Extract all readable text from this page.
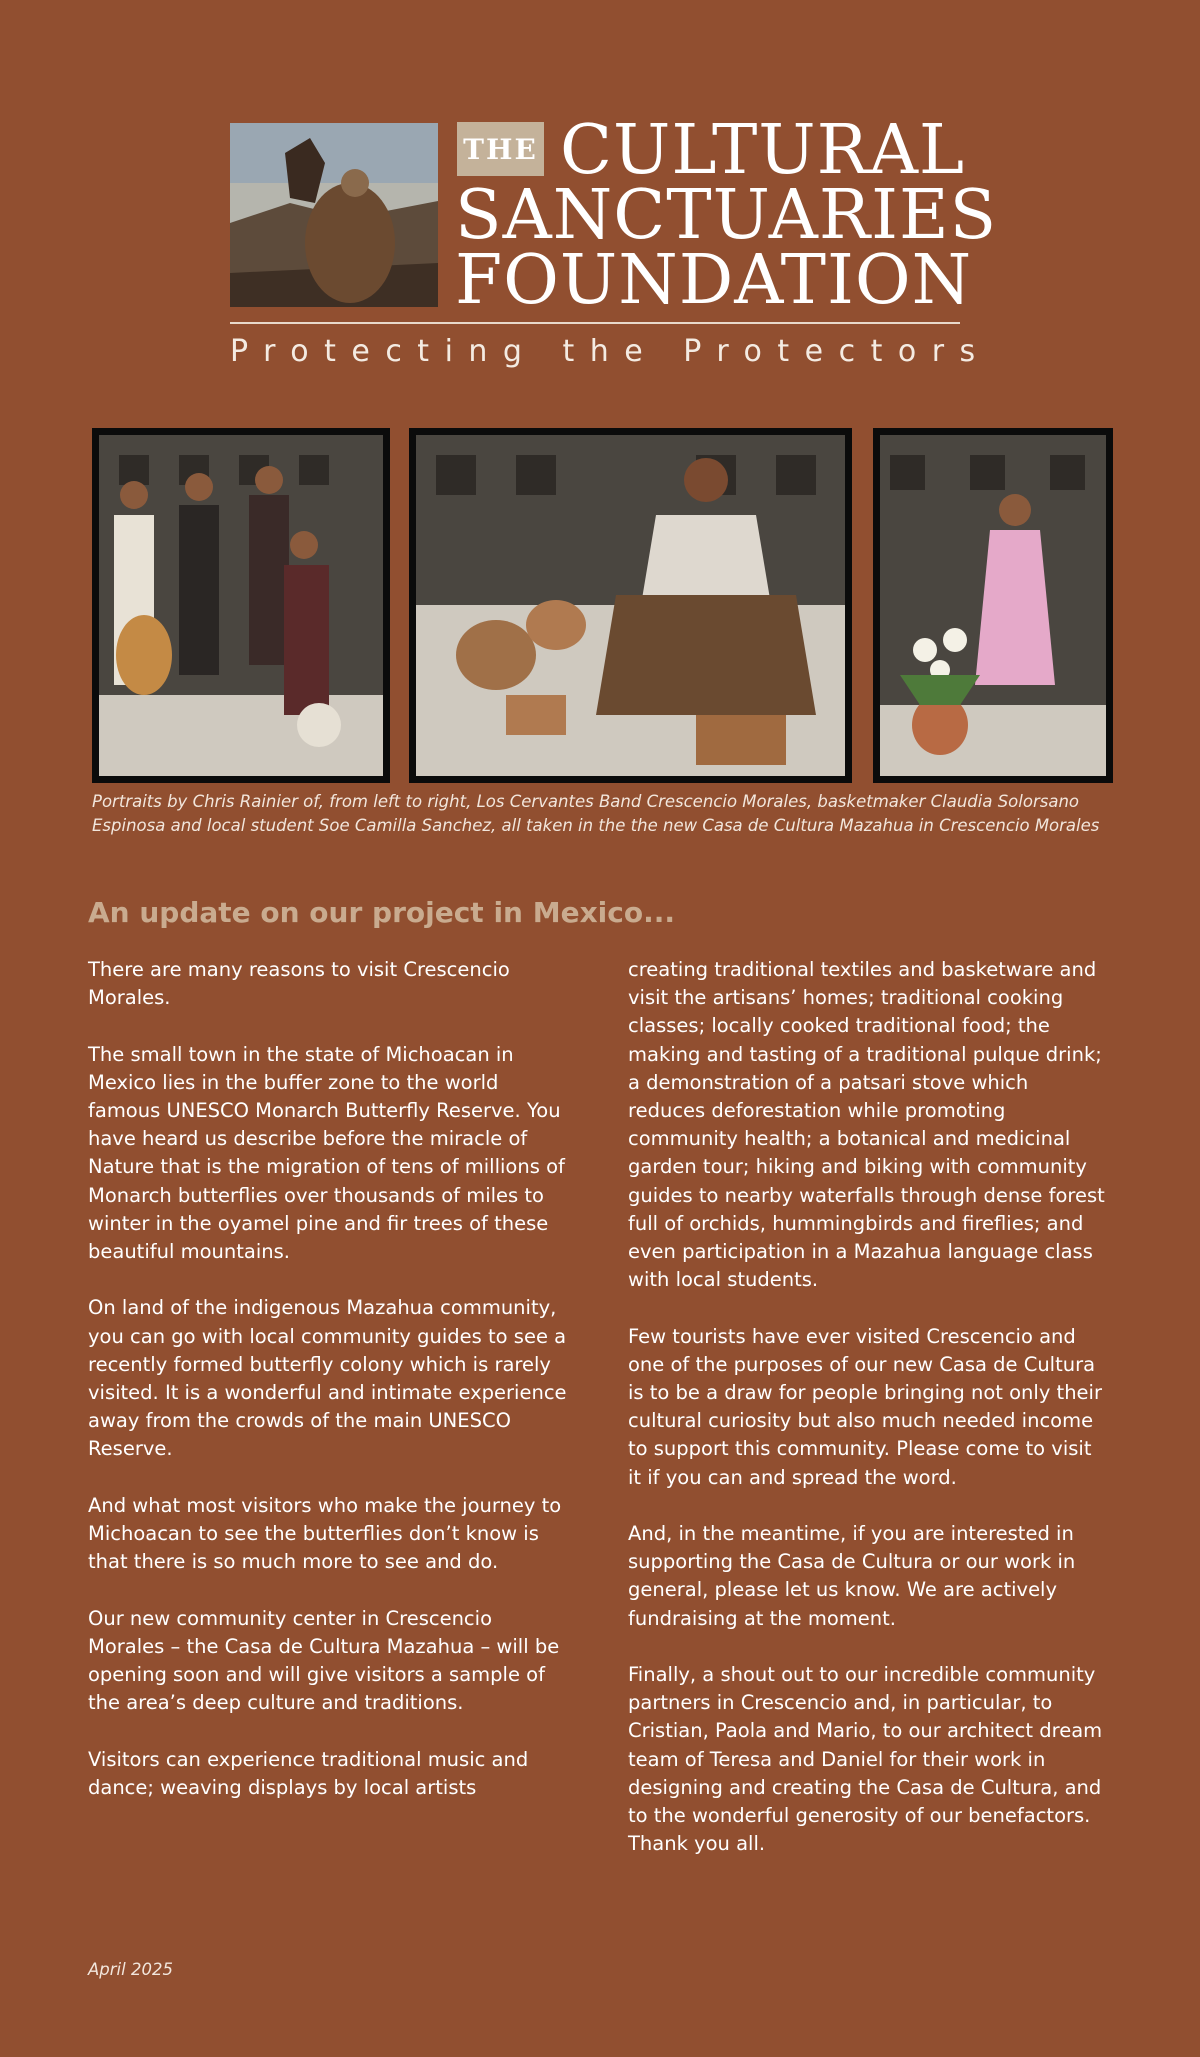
THE CULTURAL
SANCTUARIES
FOUNDATION
Protecting the Protectors
Portraits by Chris Rainier of, from left to right, Los Cervantes Band Crescencio Morales, basketmaker Claudia Solorsano Espinosa and local student Soe Camilla Sanchez, all taken in the the new Casa de Cultura Mazahua in Crescencio Morales
An update on our project in Mexico...

There are many reasons to visit Crescencio Morales.

The small town in the state of Michoacan in Mexico lies in the buffer zone to the world famous UNESCO Monarch Butterfly Reserve. You have heard us describe before the miracle of Nature that is the migration of tens of millions of Monarch butterflies over thousands of miles to winter in the oyamel pine and fir trees of these beautiful mountains.

On land of the indigenous Mazahua community, you can go with local community guides to see a recently formed butterfly colony which is rarely visited. It is a wonderful and intimate experience away from the crowds of the main UNESCO Reserve.

And what most visitors who make the journey to Michoacan to see the butterflies don’t know is that there is so much more to see and do.

Our new community center in Crescencio Morales – the Casa de Cultura Mazahua – will be opening soon and will give visitors a sample of the area’s deep culture and traditions.

Visitors can experience traditional music and dance; weaving displays by local artists

creating traditional textiles and basketware and visit the artisans’ homes; traditional cooking classes; locally cooked traditional food; the making and tasting of a traditional pulque drink; a demonstration of a patsari stove which reduces deforestation while promoting community health; a botanical and medicinal garden tour; hiking and biking with community guides to nearby waterfalls through dense forest full of orchids, hummingbirds and fireflies; and even participation in a Mazahua language class with local students.

Few tourists have ever visited Crescencio and one of the purposes of our new Casa de Cultura is to be a draw for people bringing not only their cultural curiosity but also much needed income to support this community. Please come to visit it if you can and spread the word.

And, in the meantime, if you are interested in supporting the Casa de Cultura or our work in general, please let us know. We are actively fundraising at the moment.

Finally, a shout out to our incredible community partners in Crescencio and, in particular, to Cristian, Paola and Mario, to our architect dream team of Teresa and Daniel for their work in designing and creating the Casa de Cultura, and to the wonderful generosity of our benefactors. Thank you all.

April 2025
